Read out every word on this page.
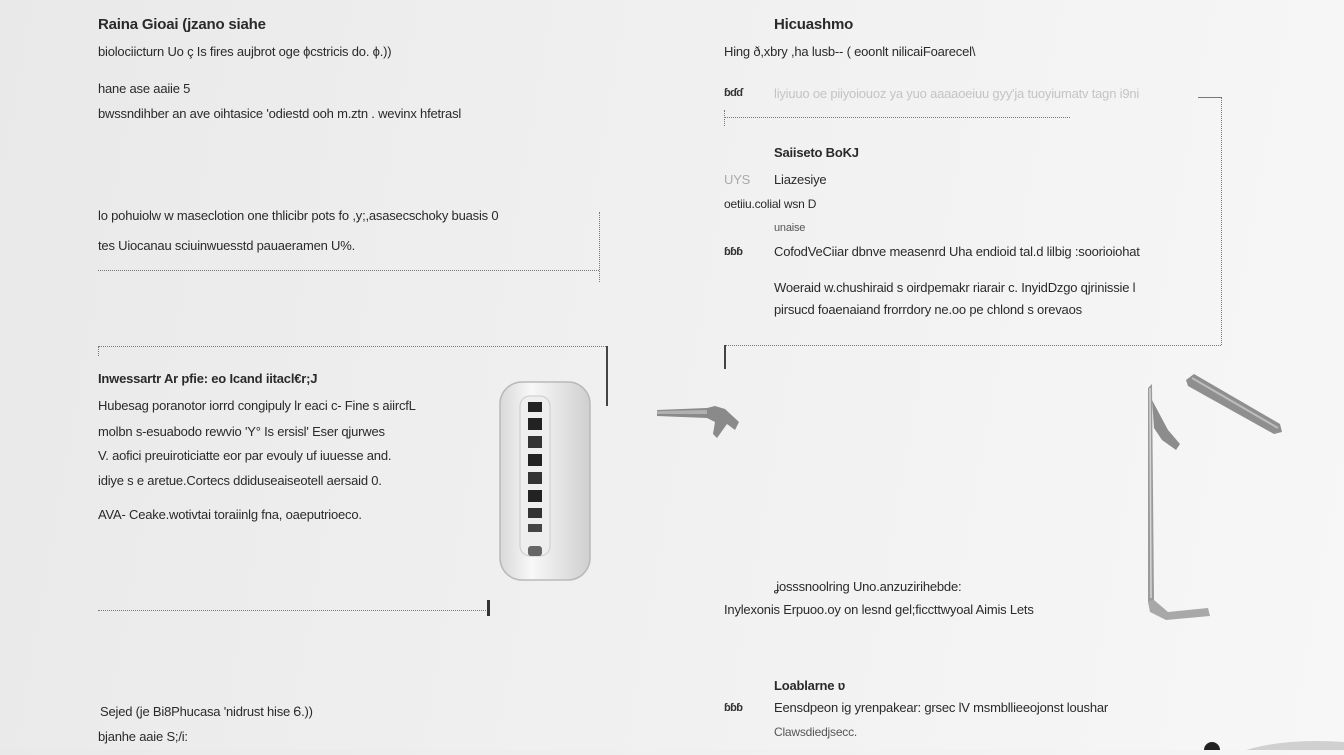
Raina Gioai (jzano siahe
biolociicturn Uo ç Is fires aujbrot oge ϕcstricis do. ϕ.))
hane ase aaiie 5
bwssndihber an ave oihtasice 'odiestd ooh m.ztn . wevinx hfetrasl
lo pohuiolw w maseclotion one thlicibr pots fo ,y;,asasecschoky buasis 0
tes Uiocanau sciuinwuesstd pauaeramen U%.
Inwessartr Ar pfie: eo Icand iitacl€r;J
Hubesag poranotor iorrd congipuly lr eaci c- Fine s aiircfL
molbn s-esuabodo rewvio 'Y° Is ersisl' Eser qjurwes
V. aofici preuiroticiatte eor par evouly uf iuuesse and.
idiye s e aretue.Cortecs ddiduseaiseotell aersaid 0.
AVA- Ceake.wotivtai toraiinlg fna, oaeputrioeco.
Hicuashmo
Hing ð,xbry ,ha lusb-- ( eoonlt nilicaiFoarecel\
ɓɗɗ liyiuuo oe piiyoiouoz ya yuo aaaaoeiuu gyy'ja tuoyiumatv tagn i9ni
Saiiseto BoKJ
UYS Liazesiye
oetiiu.colial wsn D
unaise
ɓɓɓ CofodVeCiiar dbnve measenrd Uha endioid tal.d lilbig :soorioiohat
Woeraid w.chushiraid s oirdpemakr riarair c. InyidDzgo qjrinissie l
pirsucd foaenaiand frorrdory ne.oo pe chlond s orevaos
ʝosssnoolring Uno.anzuzirihebde:
Inylexonis Erpuoo.oy on lesnd gel;ficcttwyoal Aimis Lets
Loablarne ʋ
ɓɓɓ Eensdpeon ig yrenpakear: grsec lV msmbllieeojonst loushar
Clawsdiedjsecc.
Sejed (je Bi8Phucasa 'nidrust hise Ꮾ.))
bjanhe aaie S;/i:
